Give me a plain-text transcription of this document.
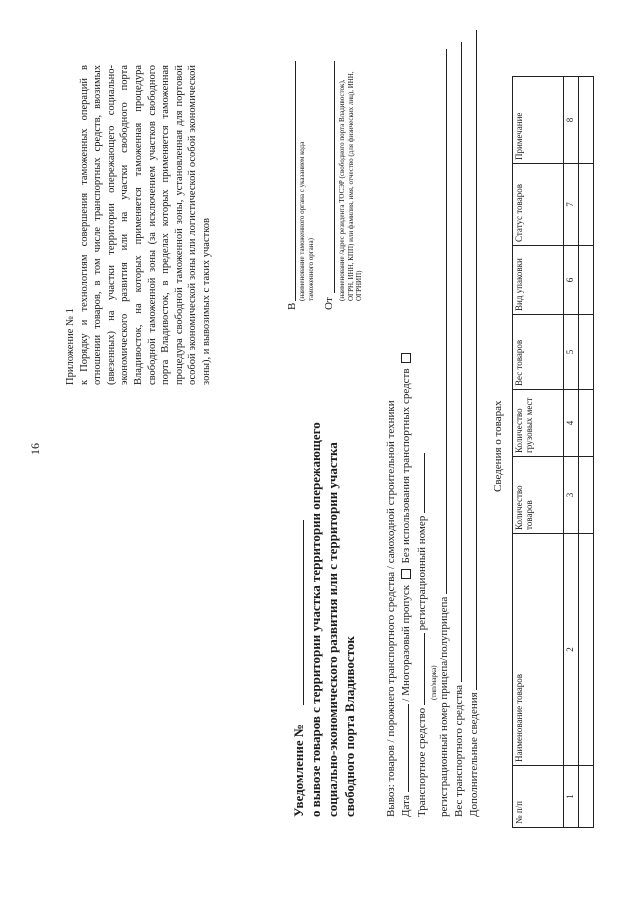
16
Приложение № 1 к Порядку и технологиям совершения таможенных операций в отношении товаров, в том числе транспортных средств, ввозимых (ввезенных) на участки территории опережающего социально-экономического развития или на участки свободного порта Владивосток, на которых применяется таможенная процедура свободной таможенной зоны (за исключением участков свободного порта Владивосток, в пределах которых применяется таможенная процедура свободной таможенной зоны, установленная для портовой особой экономической зоны или логистической особой экономической зоны), и вывозимых с таких участков	В
(наименование таможенного органа с указанием кода таможенного органа)
От
(наименование /адрес резидента ТОСЭР (свободного порта Владивосток), ОГРН, ИНН, КПП) или фамилия, имя, отчество (для физических лиц), ИНН, ОГРНИП)
Уведомление № о вывозе товаров с территории участка территории опережающего социально-экономического развития или с территории участка свободного порта Владивосток	Вывоз: товаров / порожнего транспортного средства / самоходной строительной техники Дата  / Многоразовый пропуск  Без использования транспортных средств
Транспортное средство  регистрационный номер
(тип/марка) регистрационный номер прицепа/полуприцепа Вес транспортного средства Дополнительные сведения
Сведения о товарах
№ п/п	Наименование товаров	Количество товаров	Количество грузовых мест	Вес товаров	Вид упаковки	Статус товаров	Примечание
1	2	3	4	5	6	7	8
